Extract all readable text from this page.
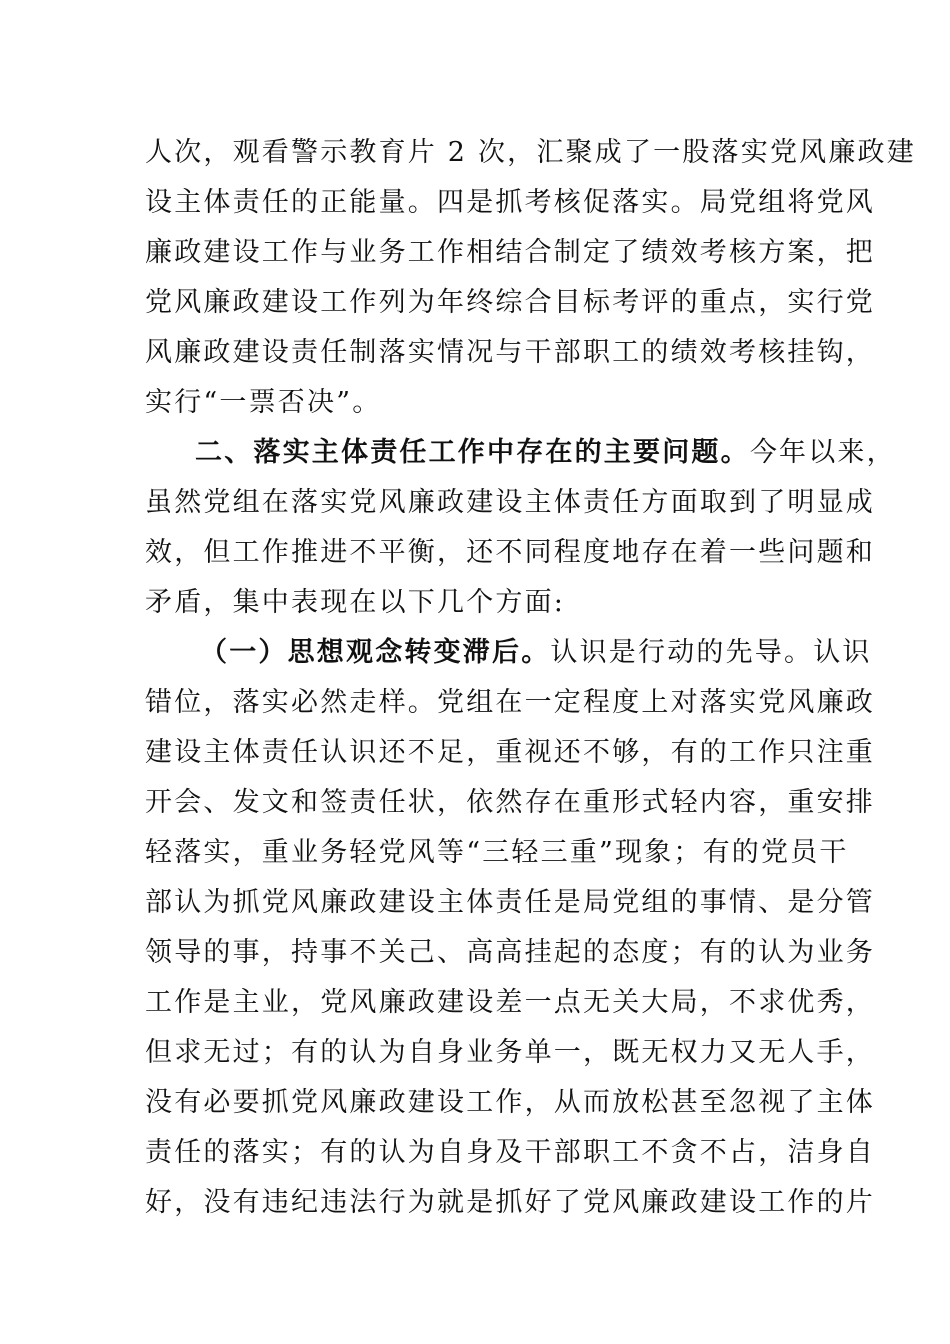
人次，观看警示教育片 2 次，汇聚成了一股落实党风廉政建
设主体责任的正能量。四是抓考核促落实。局党组将党风
廉政建设工作与业务工作相结合制定了绩效考核方案，把
党风廉政建设工作列为年终综合目标考评的重点，实行党
风廉政建设责任制落实情况与干部职工的绩效考核挂钩，
实行“一票否决”。
二、落实主体责任工作中存在的主要问题。今年以来，
虽然党组在落实党风廉政建设主体责任方面取到了明显成
效，但工作推进不平衡，还不同程度地存在着一些问题和
矛盾，集中表现在以下几个方面:
（一）思想观念转变滞后。认识是行动的先导。认识
错位，落实必然走样。党组在一定程度上对落实党风廉政
建设主体责任认识还不足，重视还不够，有的工作只注重
开会、发文和签责任状，依然存在重形式轻内容，重安排
轻落实，重业务轻党风等“三轻三重”现象；有的党员干
部认为抓党风廉政建设主体责任是局党组的事情、是分管
领导的事，持事不关己、高高挂起的态度；有的认为业务
工作是主业，党风廉政建设差一点无关大局，不求优秀，
但求无过；有的认为自身业务单一，既无权力又无人手，
没有必要抓党风廉政建设工作，从而放松甚至忽视了主体
责任的落实；有的认为自身及干部职工不贪不占，洁身自
好，没有违纪违法行为就是抓好了党风廉政建设工作的片
